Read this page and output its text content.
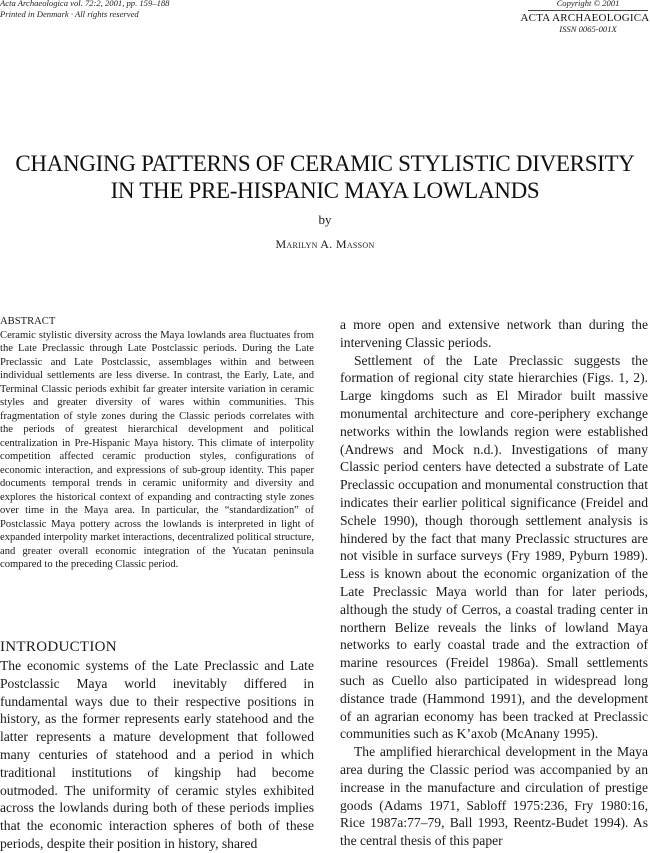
Acta Archaeologica vol. 72:2, 2001, pp. 159–188
Printed in Denmark · All rights reserved
Copyright © 2001
ACTA ARCHAEOLOGICA
ISSN 0065-001X
CHANGING PATTERNS OF CERAMIC STYLISTIC DIVERSITY
IN THE PRE-HISPANIC MAYA LOWLANDS
by
Marilyn A. Masson
ABSTRACT
Ceramic stylistic diversity across the Maya lowlands area fluctuates from the Late Preclassic through Late Postclassic periods. During the Late Preclassic and Late Postclassic, assemblages within and between individual settlements are less diverse. In contrast, the Early, Late, and Terminal Classic periods exhibit far greater intersite variation in ceramic styles and greater diversity of wares within communities. This fragmentation of style zones during the Classic periods correlates with the periods of greatest hierarchical development and political centralization in Pre-Hispanic Maya history. This climate of interpolity competition affected ceramic production styles, configurations of economic interaction, and expressions of sub-group identity. This paper documents temporal trends in ceramic uniformity and diversity and explores the historical context of expanding and contracting style zones over time in the Maya area. In particular, the “standardization” of Postclassic Maya pottery across the lowlands is interpreted in light of expanded interpolity market interactions, decentralized political structure, and greater overall economic integration of the Yucatan peninsula compared to the preceding Classic period.
INTRODUCTION
The economic systems of the Late Preclassic and Late Postclassic Maya world inevitably differed in fundamental ways due to their respective positions in history, as the former represents early statehood and the latter represents a mature development that followed many centuries of statehood and a period in which traditional institutions of kingship had become outmoded. The uniformity of ceramic styles exhibited across the lowlands during both of these periods implies that the economic interaction spheres of both of these periods, despite their position in history, shared

a more open and extensive network than during the intervening Classic periods.

Settlement of the Late Preclassic suggests the formation of regional city state hierarchies (Figs. 1, 2). Large kingdoms such as El Mirador built massive monumental architecture and core-periphery exchange networks within the lowlands region were established (Andrews and Mock n.d.). Investigations of many Classic period centers have detected a substrate of Late Preclassic occupation and monumental construction that indicates their earlier political significance (Freidel and Schele 1990), though thorough settlement analysis is hindered by the fact that many Preclassic structures are not visible in surface surveys (Fry 1989, Pyburn 1989). Less is known about the economic organization of the Late Preclassic Maya world than for later periods, although the study of Cerros, a coastal trading center in northern Belize reveals the links of lowland Maya networks to early coastal trade and the extraction of marine resources (Freidel 1986a). Small settlements such as Cuello also participated in widespread long distance trade (Hammond 1991), and the development of an agrarian economy has been tracked at Preclassic communities such as K’axob (McAnany 1995).

The amplified hierarchical development in the Maya area during the Classic period was accompanied by an increase in the manufacture and circulation of prestige goods (Adams 1971, Sabloff 1975:236, Fry 1980:16, Rice 1987a:77–79, Ball 1993, Reentz-Budet 1994). As the central thesis of this paper
